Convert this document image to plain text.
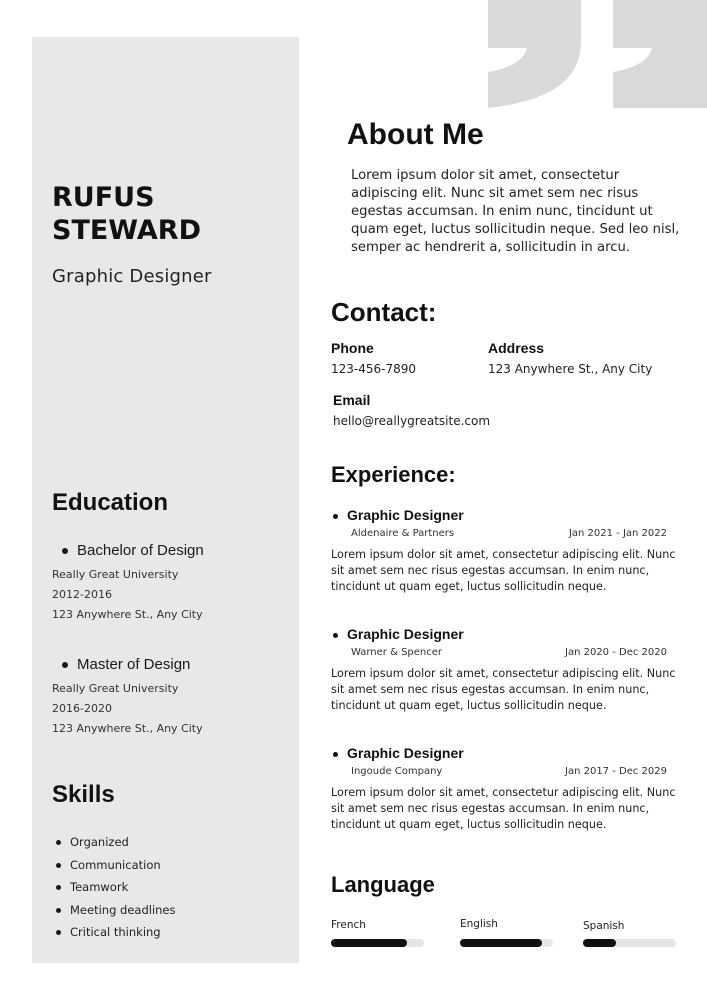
RUFUS STEWARD
Graphic Designer
Education
Bachelor of Design
Really Great University
2012-2016
123 Anywhere St., Any City
Master of Design
Really Great University
2016-2020
123 Anywhere St., Any City
Skills
Organized
Communication
Teamwork
Meeting deadlines
Critical thinking
About Me

Lorem ipsum dolor sit amet, consectetur adipiscing elit. Nunc sit amet sem nec risus egestas accumsan. In enim nunc, tincidunt ut quam eget, luctus sollicitudin neque. Sed leo nisl, semper ac hendrerit a, sollicitudin in arcu.

Contact:
Phone
123-456-7890
Address
123 Anywhere St., Any City
Email
hello@reallygreatsite.com
Experience:
Graphic Designer
Aldenaire & Partners	Jan 2021 - Jan 2022

Lorem ipsum dolor sit amet, consectetur adipiscing elit. Nunc sit amet sem nec risus egestas accumsan. In enim nunc, tincidunt ut quam eget, luctus sollicitudin neque.

Graphic Designer
Warner & Spencer	Jan 2020 - Dec 2020

Lorem ipsum dolor sit amet, consectetur adipiscing elit. Nunc sit amet sem nec risus egestas accumsan. In enim nunc, tincidunt ut quam eget, luctus sollicitudin neque.

Graphic Designer
Ingoude Company	Jan 2017 - Dec 2029

Lorem ipsum dolor sit amet, consectetur adipiscing elit. Nunc sit amet sem nec risus egestas accumsan. In enim nunc, tincidunt ut quam eget, luctus sollicitudin neque.

Language
French	English	Spanish
